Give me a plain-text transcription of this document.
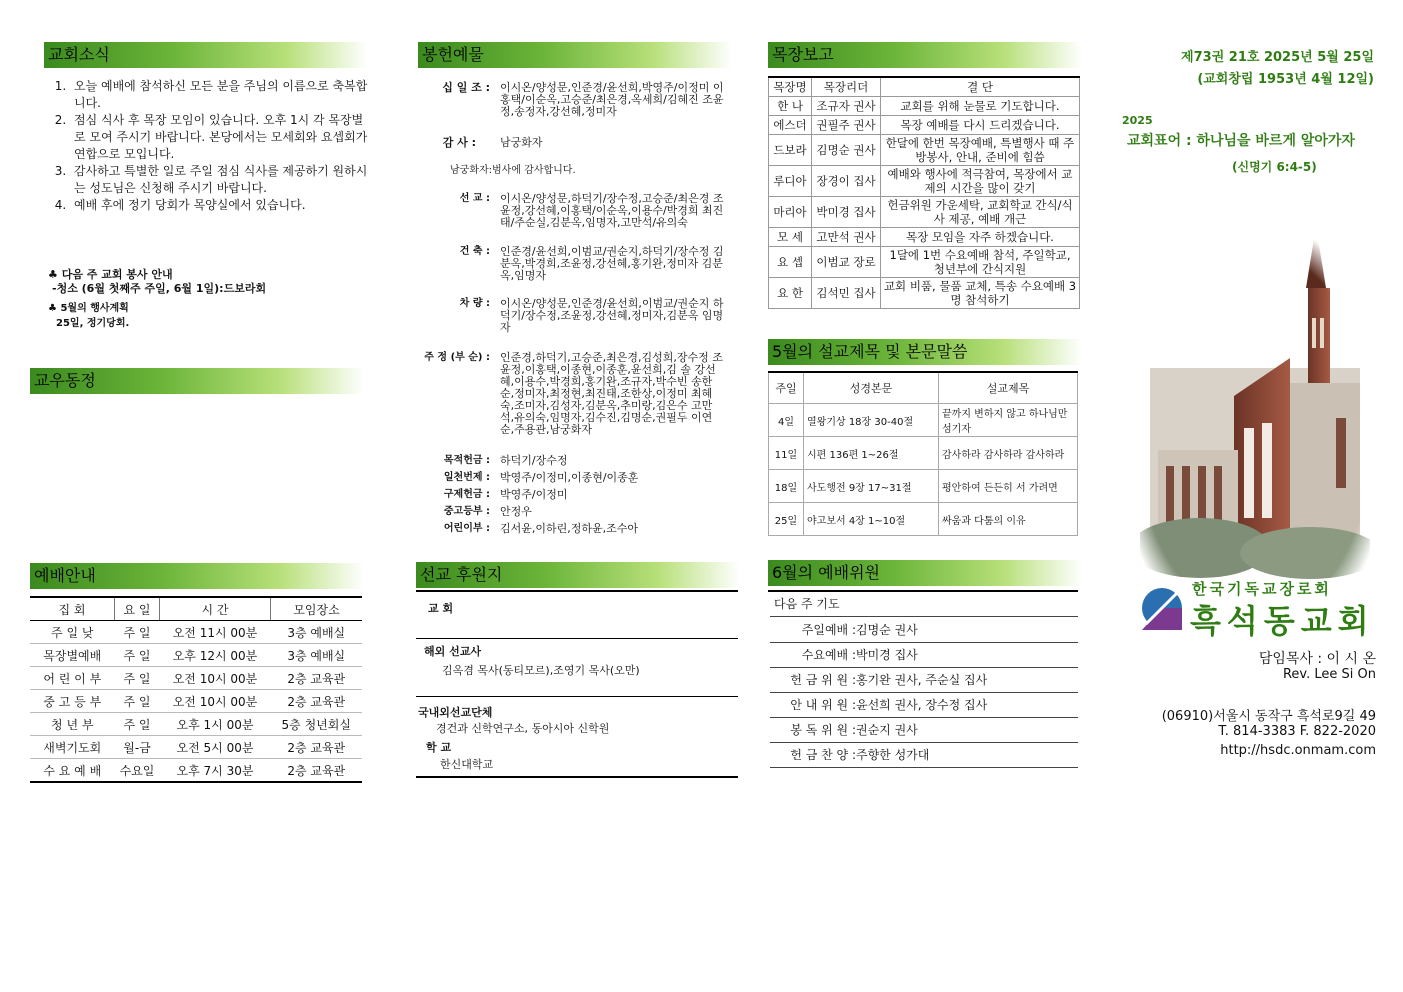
교회소식
1. 오늘 예배에 참석하신 모든 분을 주님의 이름으로 축복합니다.
2. 점심 식사 후 목장 모임이 있습니다. 오후 1시 각 목장별로 모여 주시기 바랍니다. 본당에서는 모세회와 요셉회가 연합으로 모입니다.
3. 감사하고 특별한 일로 주일 점심 식사를 제공하기 원하시는 성도님은 신청해 주시기 바랍니다.
4. 예배 후에 정기 당회가 목양실에서 있습니다.
♣ 다음 주 교회 봉사 안내
-청소 (6월 첫째주 주일, 6월 1일):드보라회
♣ 5월의 행사계획
25일, 정기당회.
교우동정
예배안내
집 회	요 일	시 간	모임장소
주 일 낮	주 일	오전 11시 00분	3층 예배실
목장별예배	주 일	오후 12시 00분	3층 예배실
어 린 이 부	주 일	오전 10시 00분	2층 교육관
중 고 등 부	주 일	오전 10시 00분	2층 교육관
청 년 부	주 일	오후 1시 00분	5층 청년회실
새벽기도회	월-금	오전 5시 00분	2층 교육관
수 요 예 배	수요일	오후 7시 30분	2층 교육관
봉헌예물
십 일 조 : 이시온/양성문,인준경/윤선희,박영주/이정미 이홍택/이순옥,고승준/최은경,옥세희/김혜진 조윤정,송정자,강선혜,정미자
감 사 : 남궁화자
남궁화자:범사에 감사합니다.
선 교 : 이시온/양성문,하덕기/장수정,고승준/최은경 조윤정,강선혜,이홍택/이순옥,이용수/박경희 최진태/주순실,김분옥,임명자,고만석/유의숙
건 축 : 인준경/윤선희,이범교/권순지,하덕기/장수정 김분옥,박경희,조윤정,강선혜,홍기완,정미자 김분옥,임명자
차 량 : 이시온/양성문,인준경/윤선희,이범교/권순지 하덕기/장수정,조윤정,강선혜,정미자,김분옥 임명자
주 정 (부 순) : 인준경,하덕기,고승준,최은경,김성희,장수정 조윤정,이홍택,이종현,이종훈,윤선희,김 솔 강선혜,이용수,박경희,홍기완,조규자,박수빈 송한순,정미자,최정현,최진태,조한상,이정미 최혜숙,조미자,김성자,김분옥,추미랑,김은수 고만석,유의숙,임명자,김수진,김명순,권필두 이연순,주용관,남궁화자
목적헌금 : 하덕기/장수정
일천번제 : 박영주/이정미,이종현/이종훈
구제헌금 : 박영주/이정미
중고등부 : 안정우
어린이부 : 김서윤,이하린,정하윤,조수아
선교 후원지
교 회
해외 선교사
김옥겸 목사(동티모르),조영기 목사(오만)
국내외선교단체
경건과 신학연구소, 동아시아 신학원
학 교
한신대학교
목장보고
목장명	목장리더	결 단
한 나	조규자 권사	교회를 위해 눈물로 기도합니다.
에스더	권필주 권사	목장 예배를 다시 드리겠습니다.
드보라	김명순 권사	한달에 한번 목장예배, 특별행사 때 주방봉사, 안내, 준비에 힘씀
루디아	장경이 집사	예배와 행사에 적극참여, 목장에서 교제의 시간을 많이 갖기
마리아	박미경 집사	헌금위원 가운세탁, 교회학교 간식/식사 제공, 예배 개근
모 세	고만석 권사	목장 모임을 자주 하겠습니다.
요 셉	이범교 장로	1달에 1번 수요예배 참석, 주일학교, 청년부에 간식지원
요 한	김석민 집사	교회 비품, 물품 교체, 특송 수요예배 3명 참석하기
5월의 설교제목 및 본문말씀
주일	성경본문	설교제목
4일	열왕기상 18장 30-40절	끝까지 변하지 않고 하나님만 섬기자
11일	시편 136편 1~26절	감사하라 감사하라 감사하라
18일	사도행전 9장 17~31절	평안하여 든든히 서 가려면
25일	야고보서 4장 1~10절	싸움과 다툼의 이유
6월의 예배위원
다음 주 기도
주일예배 :김명순 권사
수요예배 :박미경 집사
헌 금 위 원 :홍기완 권사, 주순실 집사
안 내 위 원 :윤선희 권사, 장수정 집사
봉 독 위 원 :권순지 권사
헌 금 찬 양 :주향한 성가대
제73권 21호 2025년 5월 25일
(교회창립 1953년 4월 12일)
2025
교회표어 : 하나님을 바르게 알아가자
(신명기 6:4-5)
한국기독교장로회
흑석동교회
담임목사 : 이 시 온
Rev. Lee Si On
(06910)서울시 동작구 흑석로9길 49
T. 814-3383 F. 822-2020
http://hsdc.onmam.com
